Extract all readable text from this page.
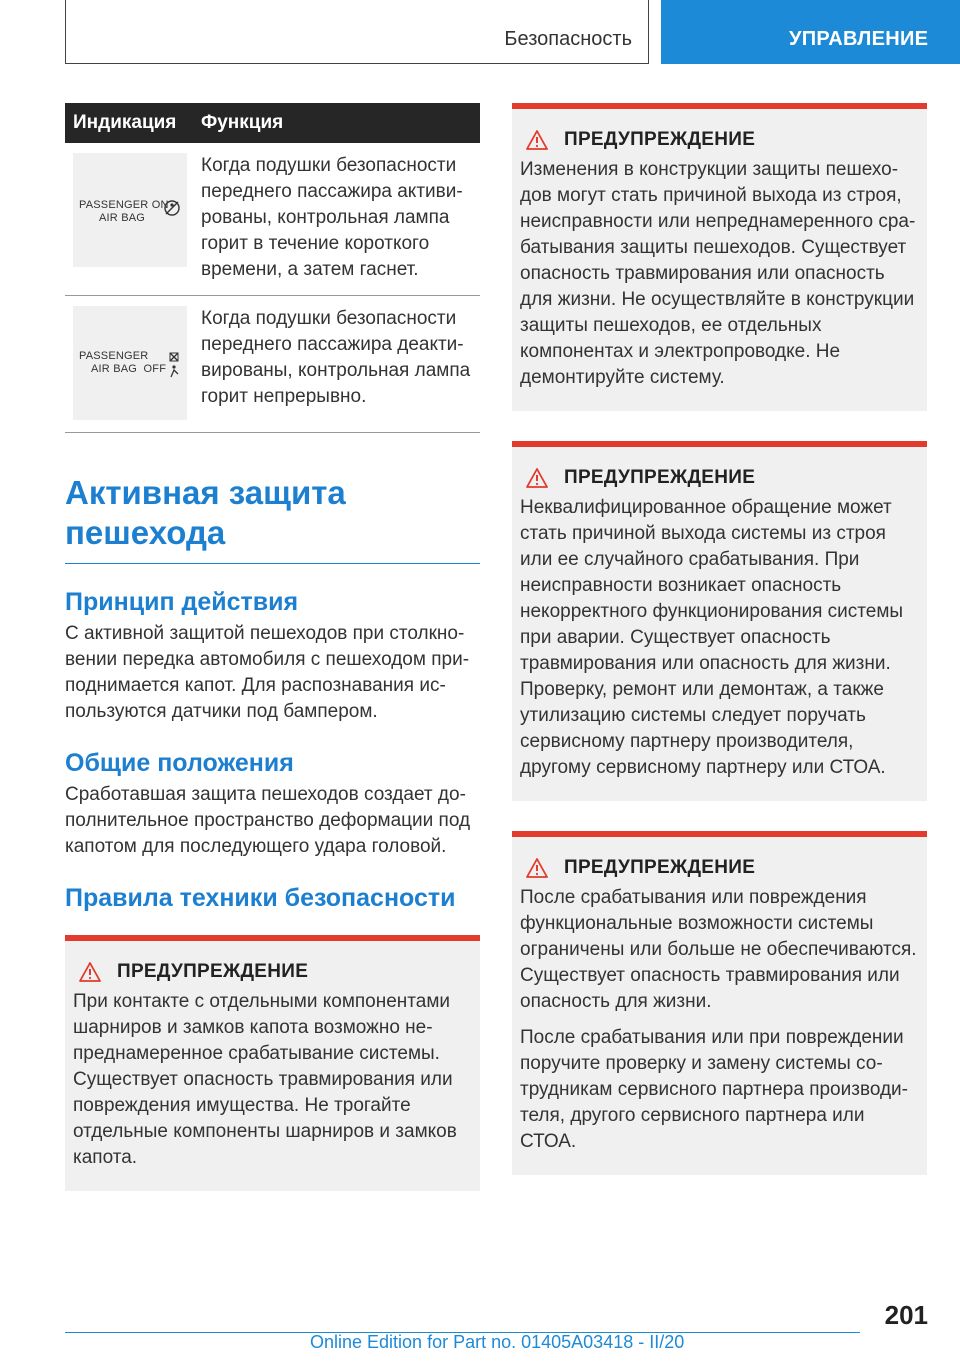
Безопасность	УПРАВЛЕНИЕ
Индикация	Функция

PASSENGER ON
AIR BAG	Когда подушки безопасности переднего пассажира активированы, контрольная лампа горит в течение короткого времени, а затем гаснет.

PASSENGER
AIR BAG  OFF	Когда подушки безопасности переднего пассажира деактивированы, контрольная лампа горит непрерывно.
Активная защита пешехода
Принцип действия

С активной защитой пешеходов при столкновении передка автомобиля с пешеходом приподнимается капот. Для распознавания используются датчики под бампером.

Общие положения

Сработавшая защита пешеходов создает дополнительное пространство деформации под капотом для последующего удара головой.

Правила техники безопасности
ПРЕДУПРЕЖДЕНИЕ

При контакте с отдельными компонентами шарниров и замков капота возможно непреднамеренное срабатывание системы. Существует опасность травмирования или повреждения имущества. Не трогайте отдельные компоненты шарниров и замков капота.

ПРЕДУПРЕЖДЕНИЕ

Изменения в конструкции защиты пешеходов могут стать причиной выхода из строя, неисправности или непреднамеренного срабатывания защиты пешеходов. Существует опасность травмирования или опасность для жизни. Не осуществляйте в конструкции защиты пешеходов, ее отдельных компонентах и электропроводке. Не демонтируйте систему.

ПРЕДУПРЕЖДЕНИЕ

Неквалифицированное обращение может стать причиной выхода системы из строя или ее случайного срабатывания. При неисправности возникает опасность некорректного функционирования системы при аварии. Существует опасность травмирования или опасность для жизни. Проверку, ремонт или демонтаж, а также утилизацию системы следует поручать сервисному партнеру производителя, другому сервисному партнеру или СТОА.

ПРЕДУПРЕЖДЕНИЕ

После срабатывания или повреждения функциональные возможности системы ограничены или больше не обеспечиваются. Существует опасность травмирования или опасность для жизни.

После срабатывания или при повреждении поручите проверку и замену системы сотрудникам сервисного партнера производителя, другого сервисного партнера или СТОА.

201
Online Edition for Part no. 01405A03418 - II/20
